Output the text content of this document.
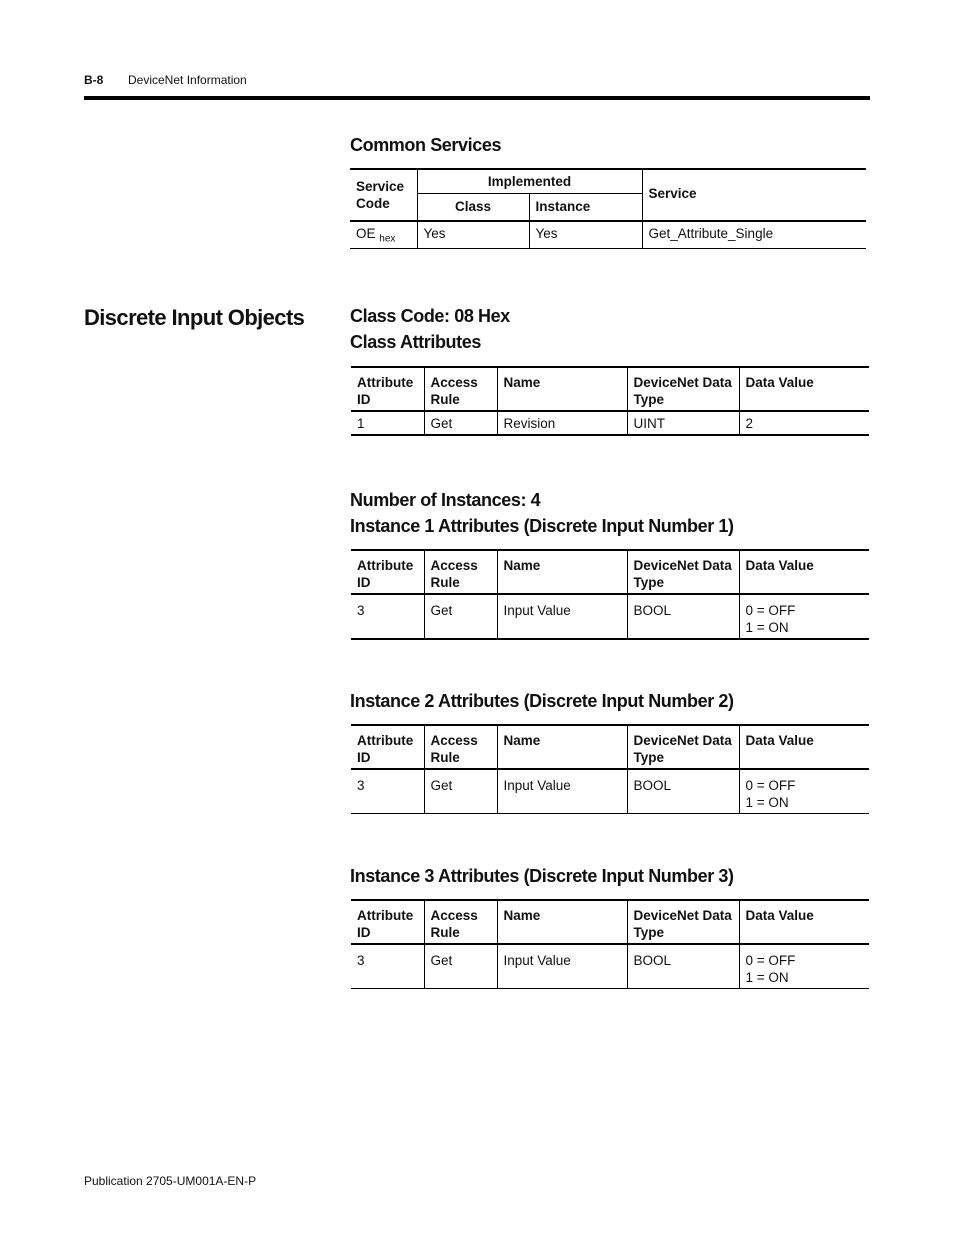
B-8 DeviceNet Information
Common Services
Service Code	Implemented		Service
	Class	Instance	
OE $_{hex}$	Yes	Yes	Get_Attribute_Single
Discrete Input Objects	Class Code: 08 Hex
Class Attributes
Attribute ID	Access Rule	Name	DeviceNet Data Type	Data Value
1	Get	Revision	UINT	2
Number of Instances: 4
Instance 1 Attributes (Discrete Input Number 1)
Attribute ID	Access Rule	Name	DeviceNet Data Type	Data Value
3	Get	Input Value	BOOL	0 = OFF
1 = ON
Instance 2 Attributes (Discrete Input Number 2)
Attribute ID	Access Rule	Name	DeviceNet Data Type	Data Value
3	Get	Input Value	BOOL	0 = OFF
1 = ON
Instance 3 Attributes (Discrete Input Number 3)
Attribute ID	Access Rule	Name	DeviceNet Data Type	Data Value
3	Get	Input Value	BOOL	0 = OFF
1 = ON
Publication 2705-UM001A-EN-P
